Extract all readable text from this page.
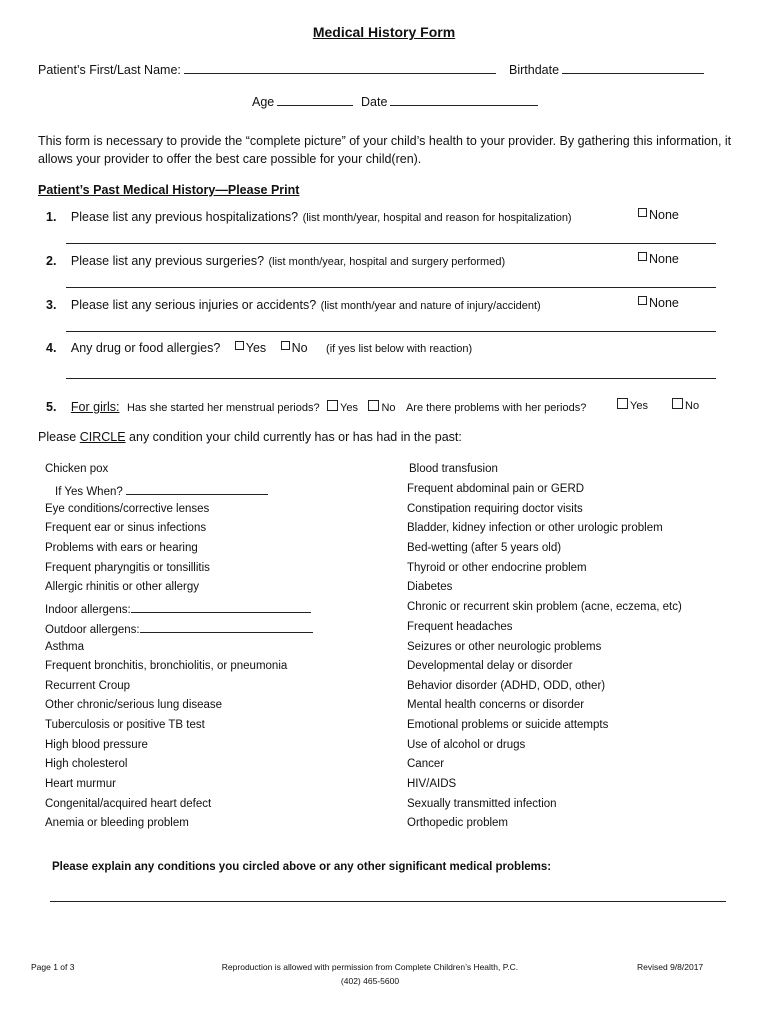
Medical History Form
Patient’s First/Last Name:	Birthdate
Age	Date
This form is necessary to provide the “complete picture” of your child’s health to your provider. By gathering this information, it allows your provider to offer the best care possible for your child(ren).
Patient’s Past Medical History—Please Print
1. Please list any previous hospitalizations? (list month/year, hospital and reason for hospitalization)	None
2. Please list any previous surgeries? (list month/year, hospital and surgery performed)	None
3. Please list any serious injuries or accidents? (list month/year and nature of injury/accident)	None
4. Any drug or food allergies? Yes No (if yes list below with reaction)
5. For girls: Has she started her menstrual periods? Yes No Are there problems with her periods?	Yes	No
Please CIRCLE any condition your child currently has or has had in the past:
Chicken pox
If Yes When?
Eye conditions/corrective lenses
Frequent ear or sinus infections
Problems with ears or hearing
Frequent pharyngitis or tonsillitis
Allergic rhinitis or other allergy
Indoor allergens:
Outdoor allergens:
Asthma
Frequent bronchitis, bronchiolitis, or pneumonia
Recurrent Croup
Other chronic/serious lung disease
Tuberculosis or positive TB test
High blood pressure
High cholesterol
Heart murmur
Congenital/acquired heart defect
Anemia or bleeding problem
Blood transfusion
Frequent abdominal pain or GERD
Constipation requiring doctor visits
Bladder, kidney infection or other urologic problem
Bed-wetting (after 5 years old)
Thyroid or other endocrine problem
Diabetes
Chronic or recurrent skin problem (acne, eczema, etc)
Frequent headaches
Seizures or other neurologic problems
Developmental delay or disorder
Behavior disorder (ADHD, ODD, other)
Mental health concerns or disorder
Emotional problems or suicide attempts
Use of alcohol or drugs
Cancer
HIV/AIDS
Sexually transmitted infection
Orthopedic problem
Please explain any conditions you circled above or any other significant medical problems:
Page 1 of 3	Reproduction is allowed with permission from Complete Children’s Health, P.C.
(402) 465-5600
Revised 9/8/2017
